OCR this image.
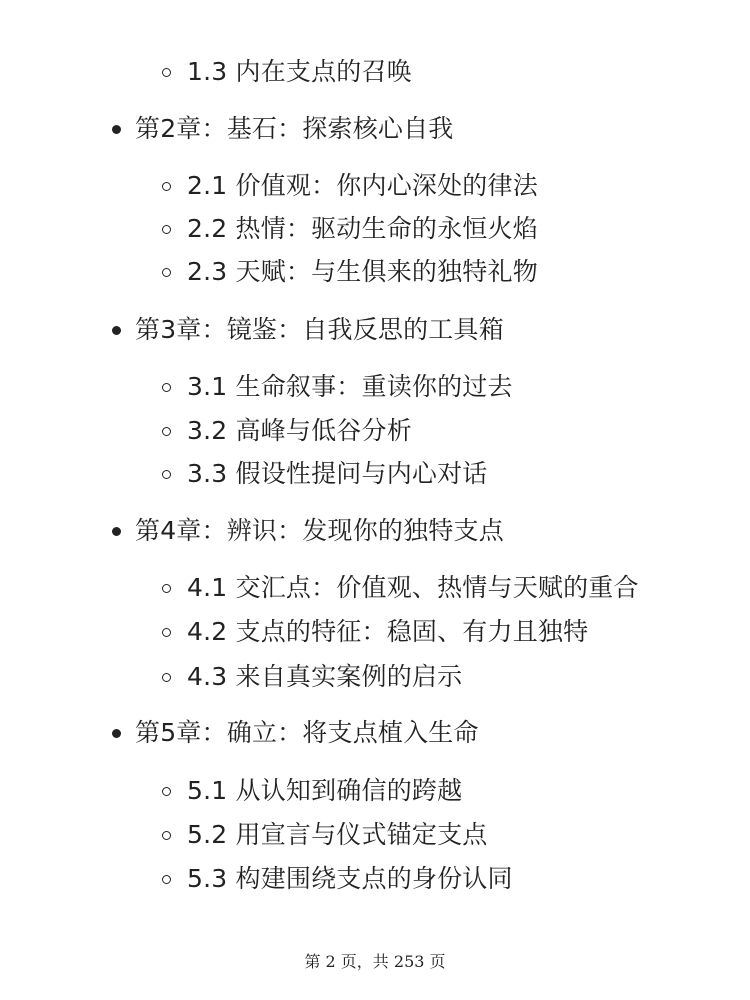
1.3 内在支点的召唤
第2章：基石：探索核心自我
2.1 价值观：你内心深处的律法
2.2 热情：驱动生命的永恒火焰
2.3 天赋：与生俱来的独特礼物
第3章：镜鉴：自我反思的工具箱
3.1 生命叙事：重读你的过去
3.2 高峰与低谷分析
3.3 假设性提问与内心对话
第4章：辨识：发现你的独特支点
4.1 交汇点：价值观、热情与天赋的重合
4.2 支点的特征：稳固、有力且独特
4.3 来自真实案例的启示
第5章：确立：将支点植入生命
5.1 从认知到确信的跨越
5.2 用宣言与仪式锚定支点
5.3 构建围绕支点的身份认同
第 2 页，共 253 页
